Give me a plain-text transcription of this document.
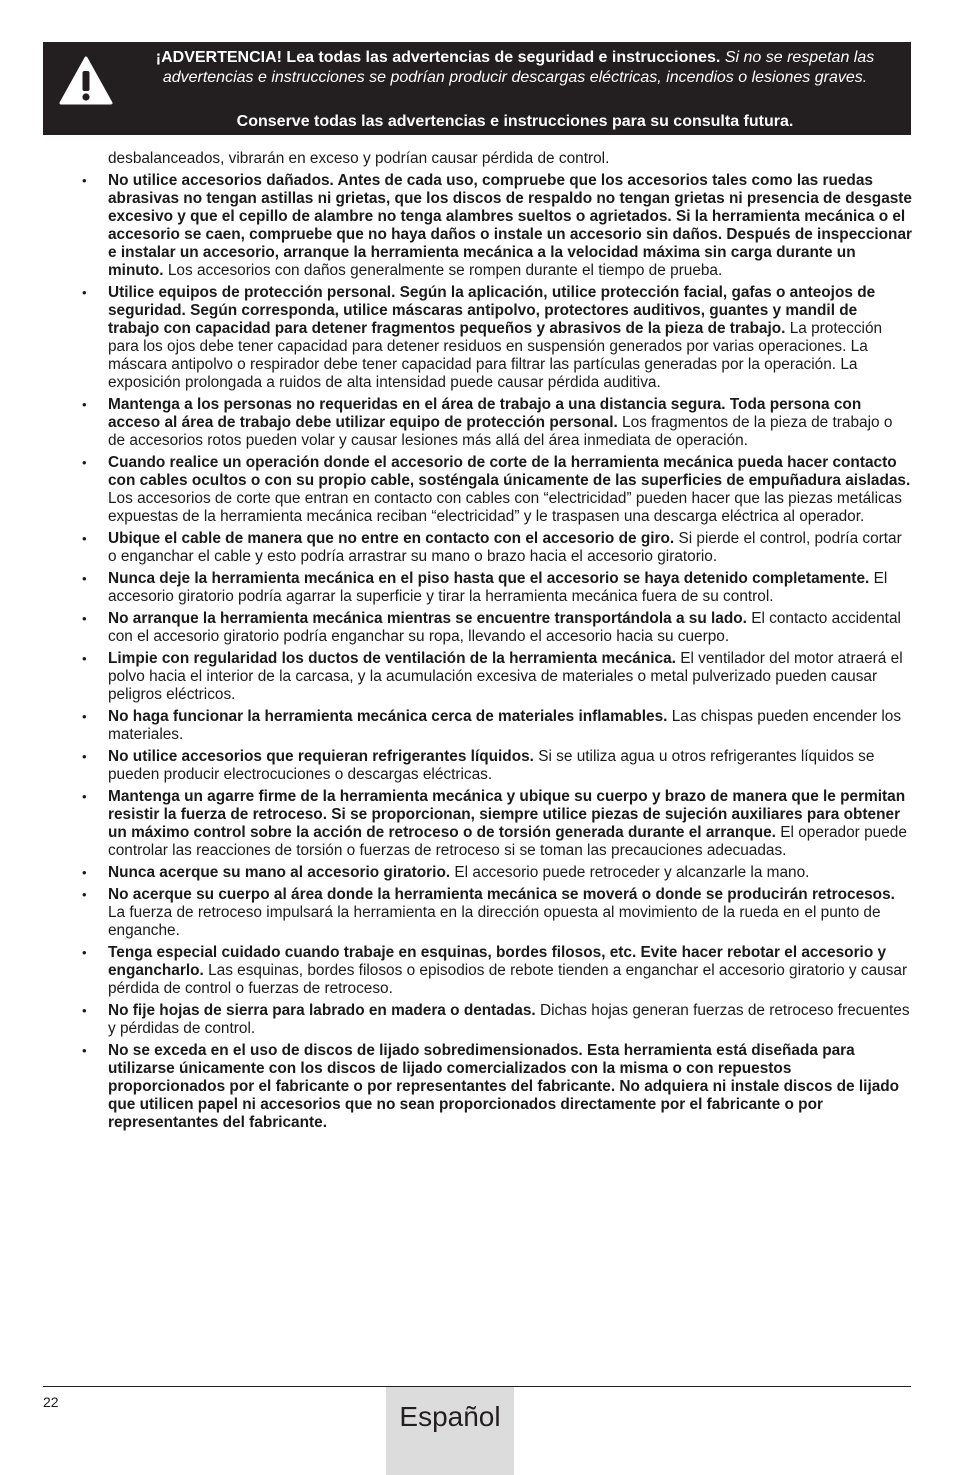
¡ADVERTENCIA! Lea todas las advertencias de seguridad e instrucciones. Si no se respetan las advertencias e instrucciones se podrían producir descargas eléctricas, incendios o lesiones graves.
Conserve todas las advertencias e instrucciones para su consulta futura.

desbalanceados, vibrarán en exceso y podrían causar pérdida de control.

• No utilice accesorios dañados. Antes de cada uso, compruebe que los accesorios tales como las ruedas abrasivas no tengan astillas ni grietas, que los discos de respaldo no tengan grietas ni presencia de desgaste excesivo y que el cepillo de alambre no tenga alambres sueltos o agrietados. Si la herramienta mecánica o el accesorio se caen, compruebe que no haya daños o instale un accesorio sin daños. Después de inspeccionar e instalar un accesorio, arranque la herramienta mecánica a la velocidad máxima sin carga durante un minuto. Los accesorios con daños generalmente se rompen durante el tiempo de prueba.
• Utilice equipos de protección personal. Según la aplicación, utilice protección facial, gafas o anteojos de seguridad. Según corresponda, utilice máscaras antipolvo, protectores auditivos, guantes y mandil de trabajo con capacidad para detener fragmentos pequeños y abrasivos de la pieza de trabajo. La protección para los ojos debe tener capacidad para detener residuos en suspensión generados por varias operaciones. La máscara antipolvo o respirador debe tener capacidad para filtrar las partículas generadas por la operación. La exposición prolongada a ruidos de alta intensidad puede causar pérdida auditiva.
• Mantenga a los personas no requeridas en el área de trabajo a una distancia segura. Toda persona con acceso al área de trabajo debe utilizar equipo de protección personal. Los fragmentos de la pieza de trabajo o de accesorios rotos pueden volar y causar lesiones más allá del área inmediata de operación.
• Cuando realice un operación donde el accesorio de corte de la herramienta mecánica pueda hacer contacto con cables ocultos o con su propio cable, sosténgala únicamente de las superficies de empuñadura aisladas. Los accesorios de corte que entran en contacto con cables con “electricidad” pueden hacer que las piezas metálicas expuestas de la herramienta mecánica reciban “electricidad” y le traspasen una descarga eléctrica al operador.
• Ubique el cable de manera que no entre en contacto con el accesorio de giro. Si pierde el control, podría cortar o enganchar el cable y esto podría arrastrar su mano o brazo hacia el accesorio giratorio.
• Nunca deje la herramienta mecánica en el piso hasta que el accesorio se haya detenido completamente. El accesorio giratorio podría agarrar la superficie y tirar la herramienta mecánica fuera de su control.
• No arranque la herramienta mecánica mientras se encuentre transportándola a su lado. El contacto accidental con el accesorio giratorio podría enganchar su ropa, llevando el accesorio hacia su cuerpo.
• Limpie con regularidad los ductos de ventilación de la herramienta mecánica. El ventilador del motor atraerá el polvo hacia el interior de la carcasa, y la acumulación excesiva de materiales o metal pulverizado pueden causar peligros eléctricos.
• No haga funcionar la herramienta mecánica cerca de materiales inflamables. Las chispas pueden encender los materiales.
• No utilice accesorios que requieran refrigerantes líquidos. Si se utiliza agua u otros refrigerantes líquidos se pueden producir electrocuciones o descargas eléctricas.
• Mantenga un agarre firme de la herramienta mecánica y ubique su cuerpo y brazo de manera que le permitan resistir la fuerza de retroceso. Si se proporcionan, siempre utilice piezas de sujeción auxiliares para obtener un máximo control sobre la acción de retroceso o de torsión generada durante el arranque. El operador puede controlar las reacciones de torsión o fuerzas de retroceso si se toman las precauciones adecuadas.
• Nunca acerque su mano al accesorio giratorio. El accesorio puede retroceder y alcanzarle la mano.
• No acerque su cuerpo al área donde la herramienta mecánica se moverá o donde se producirán retrocesos. La fuerza de retroceso impulsará la herramienta en la dirección opuesta al movimiento de la rueda en el punto de enganche.
• Tenga especial cuidado cuando trabaje en esquinas, bordes filosos, etc. Evite hacer rebotar el accesorio y engancharlo. Las esquinas, bordes filosos o episodios de rebote tienden a enganchar el accesorio giratorio y causar pérdida de control o fuerzas de retroceso.
• No fije hojas de sierra para labrado en madera o dentadas. Dichas hojas generan fuerzas de retroceso frecuentes y pérdidas de control.
• No se exceda en el uso de discos de lijado sobredimensionados. Esta herramienta está diseñada para utilizarse únicamente con los discos de lijado comercializados con la misma o con repuestos proporcionados por el fabricante o por representantes del fabricante. No adquiera ni instale discos de lijado que utilicen papel ni accesorios que no sean proporcionados directamente por el fabricante o por representantes del fabricante.
22	Español
